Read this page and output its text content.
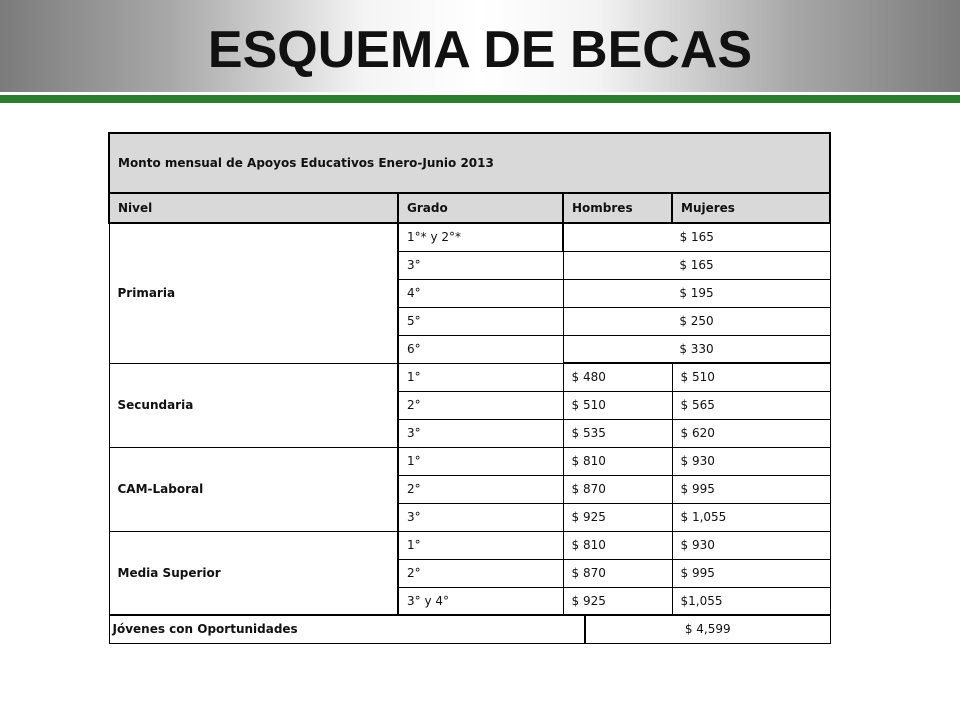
ESQUEMA DE BECAS
Monto mensual de Apoyos Educativos Enero-Junio 2013				
Nivel	Grado	Hombres		Mujeres
Primaria	1°* y 2°*	$ 165		
	3°	$ 165		
	4°	$ 195		
	5°	$ 250		
	6°	$ 330		
Secundaria	1°	$ 480		$ 510
	2°	$ 510		$ 565
	3°	$ 535		$ 620
CAM-Laboral	1°	$ 810		$ 930
	2°	$ 870		$ 995
	3°	$ 925		$ 1,055
Media Superior	1°	$ 810		$ 930
	2°	$ 870		$ 995
	3° y 4°	$ 925		$1,055
Jóvenes con Oportunidades			$ 4,599	
